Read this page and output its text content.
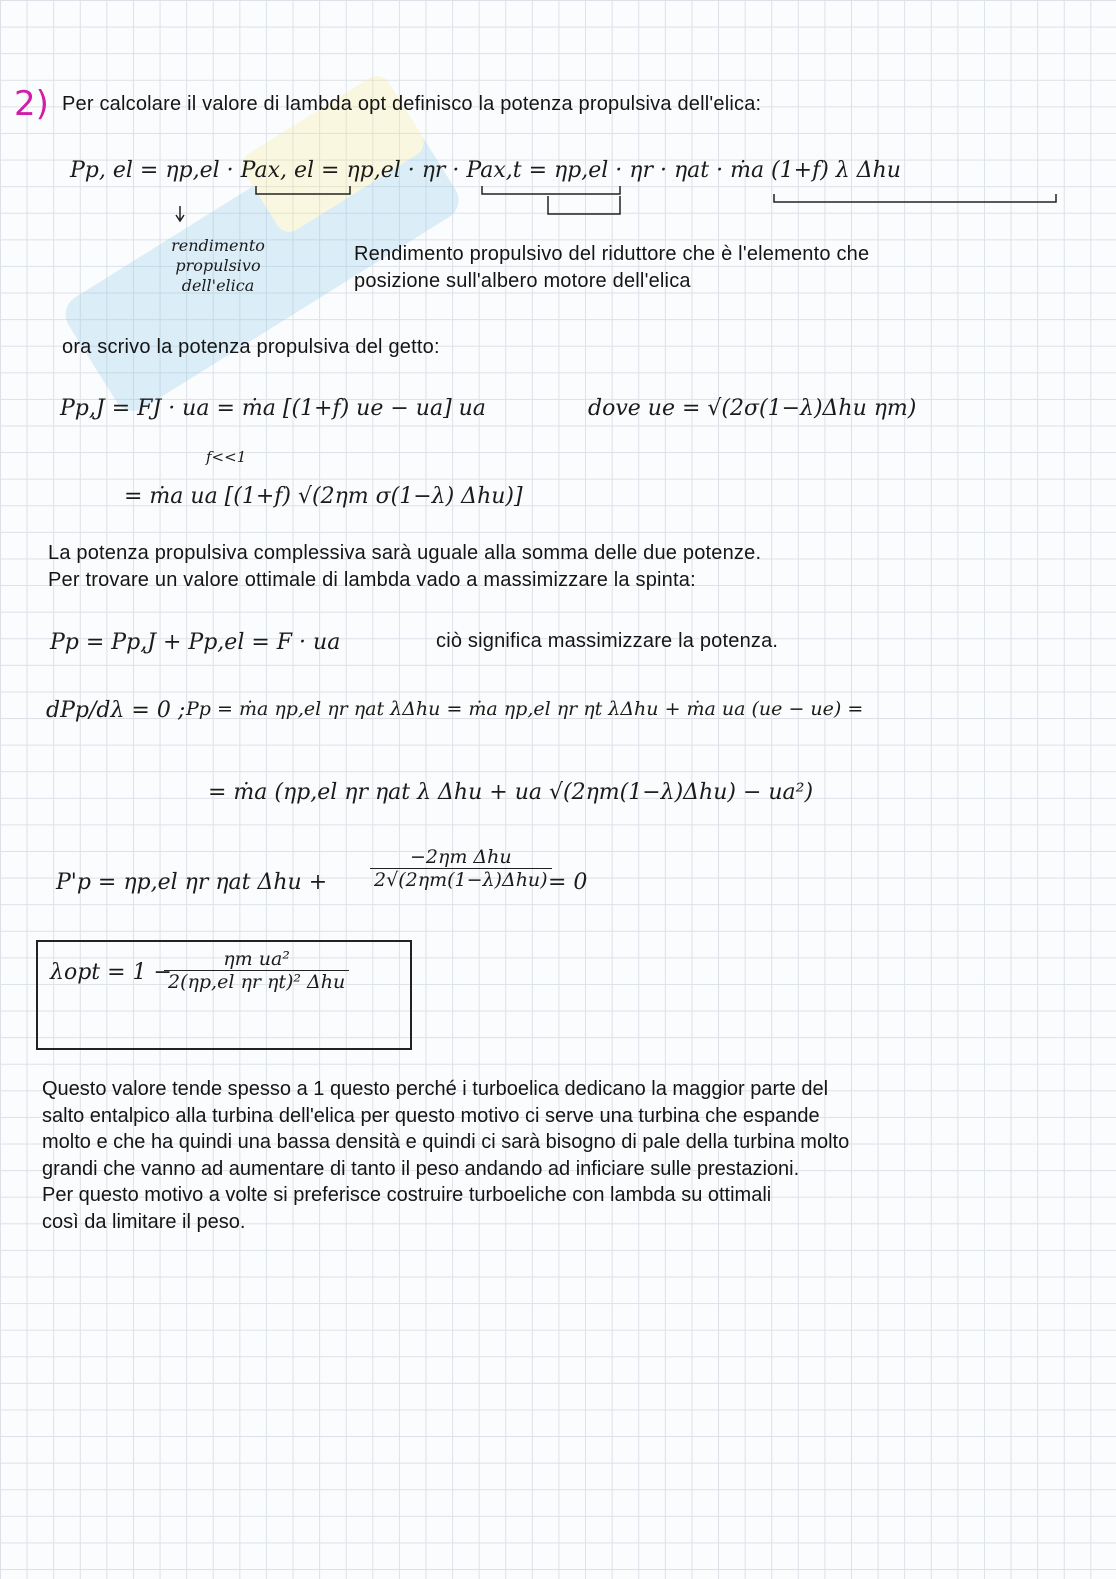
2) Per calcolare il valore di lambda opt definisco la potenza propulsiva dell'elica:
Pp, el = ηp,el · Pax, el = ηp,el · ηr · Pax,t = ηp,el · ηr · ηat · ṁa (1+f) λ Δhu
rendimento propulsivo dell'elica
Rendimento propulsivo del riduttore che è l'elemento che
posizione sull'albero motore dell'elica
ora scrivo la potenza propulsiva del getto:
Pp,J = FJ · ua = ṁa [(1+f) ue − ua] ua	dove ue = √(2σ(1−λ)Δhu ηm)
f<<1
= ṁa ua [(1+f) √(2ηm σ(1−λ) Δhu)]
La potenza propulsiva complessiva sarà uguale alla somma delle due potenze.
Per trovare un valore ottimale di lambda vado a massimizzare la spinta:
Pp = Pp,J + Pp,el = F · ua	ciò significa massimizzare la potenza.
dPp/dλ = 0 ; Pp = ṁa ηp,el ηr ηat λΔhu = ṁa ηp,el ηr ηt λΔhu + ṁa ua (ue − ue) =
= ṁa (ηp,el ηr ηat λ Δhu + ua √(2ηm(1−λ)Δhu) − ua²)
P'p = ηp,el ηr ηat $\Delta hu + \frac{\text{−2ηm Δhu}}{\text{2√(2ηm(1−λ)Δhu)}}$
= 0
λopt = 1 −
$\frac{\text{ηm ua²}}{\text{2(ηp,el ηr ηt)² Δhu}}$
Questo valore tende spesso a 1 questo perché i turboelica dedicano la maggior parte del
salto entalpico alla turbina dell'elica per questo motivo ci serve una turbina che espande
molto e che ha quindi una bassa densità e quindi ci sarà bisogno di pale della turbina molto
grandi che vanno ad aumentare di tanto il peso andando ad inficiare sulle prestazioni.
Per questo motivo a volte si preferisce costruire turboeliche con lambda su ottimali
così da limitare il peso.
